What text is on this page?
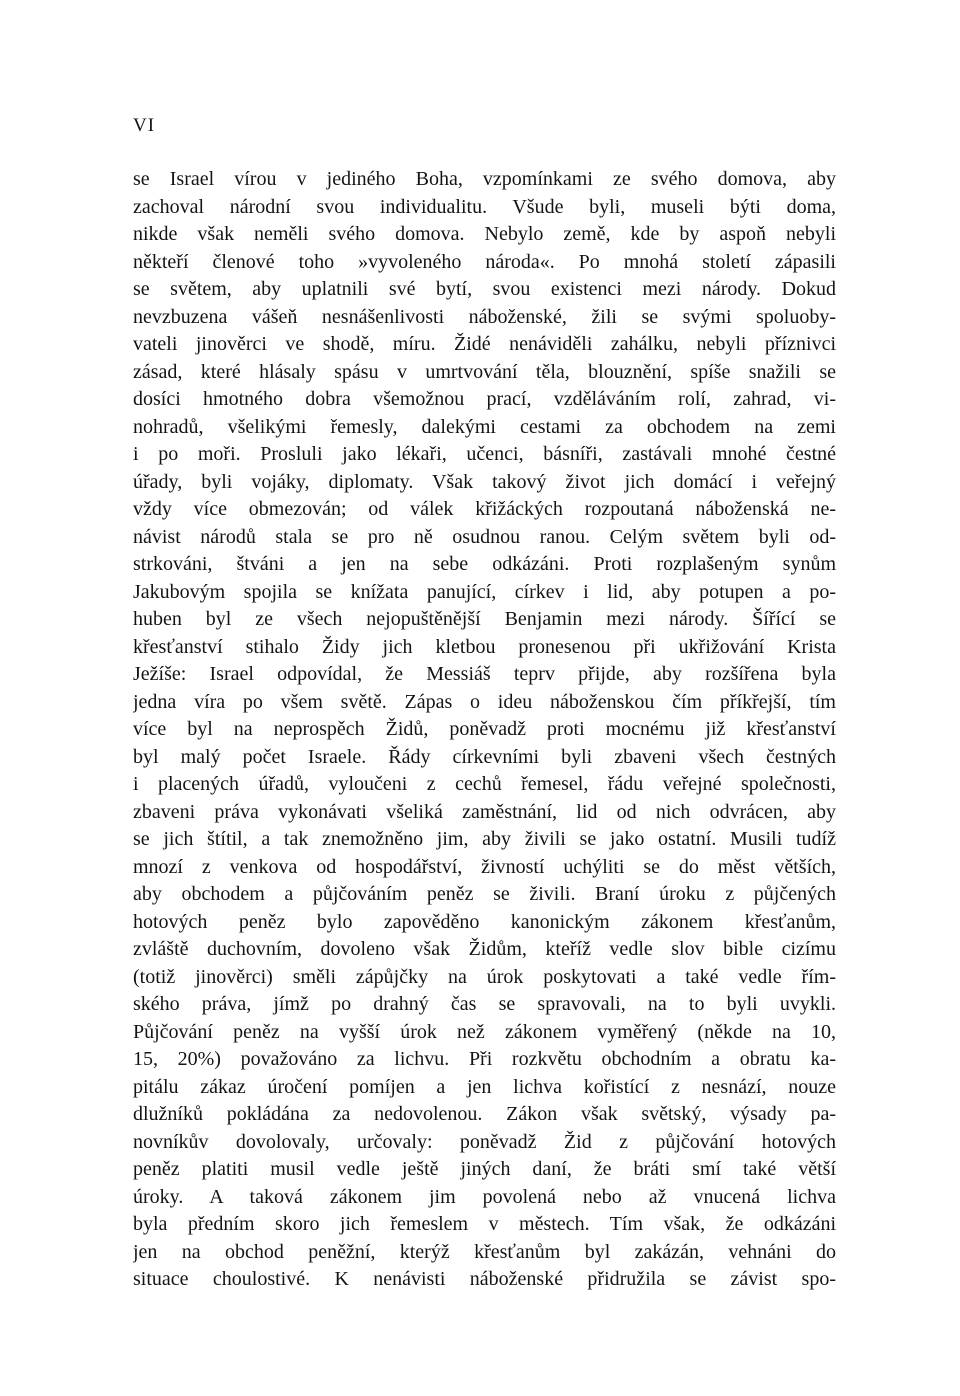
VI

se Israel vírou v jediného Boha, vzpomínkami ze svého domova, aby
zachoval národní svou individualitu. Všude byli, museli býti doma,
nikde však neměli svého domova. Nebylo země, kde by aspoň nebyli
někteří členové toho »vyvoleného národa«. Po mnohá století zápasili
se světem, aby uplatnili své bytí, svou existenci mezi národy. Dokud
nevzbuzena vášeň nesnášenlivosti náboženské, žili se svými spoluoby-
vateli jinověrci ve shodě, míru. Židé nenáviděli zahálku, nebyli příznivci
zásad, které hlásaly spásu v umrtvování těla, blouznění, spíše snažili se
dosíci hmotného dobra všemožnou prací, vzděláváním rolí, zahrad, vi-
nohradů, všelikými řemesly, dalekými cestami za obchodem na zemi
i po moři. Prosluli jako lékaři, učenci, básníři, zastávali mnohé čestné
úřady, byli vojáky, diplomaty. Však takový život jich domácí i veřejný
vždy více obmezován; od válek křižáckých rozpoutaná náboženská ne-
návist národů stala se pro ně osudnou ranou. Celým světem byli od-
strkováni, štváni a jen na sebe odkázáni. Proti rozplašeným synům
Jakubovým spojila se knížata panující, církev i lid, aby potupen a po-
huben byl ze všech nejopuštěnější Benjamin mezi národy. Šířící se
křesťanství stihalo Židy jich kletbou pronesenou při ukřižování Krista
Ježíše: Israel odpovídal, že Messiáš teprv přijde, aby rozšířena byla
jedna víra po všem světě. Zápas o ideu náboženskou čím příkřejší, tím
více byl na neprospěch Židů, poněvadž proti mocnému již křesťanství
byl malý počet Israele. Řády církevními byli zbaveni všech čestných
i placených úřadů, vyloučeni z cechů řemesel, řádu veřejné společnosti,
zbaveni práva vykonávati všeliká zaměstnání, lid od nich odvrácen, aby
se jich štítil, a tak znemožněno jim, aby živili se jako ostatní. Musili tudíž
mnozí z venkova od hospodářství, živností uchýliti se do měst větších,
aby obchodem a půjčováním peněz se živili. Braní úroku z půjčených
hotových peněz bylo zapověděno kanonickým zákonem křesťanům,
zvláště duchovním, dovoleno však Židům, kteříž vedle slov bible cizímu
(totiž jinověrci) směli zápůjčky na úrok poskytovati a také vedle řím-
ského práva, jímž po drahný čas se spravovali, na to byli uvykli.
Půjčování peněz na vyšší úrok než zákonem vyměřený (někde na 10,
15, 20%) považováno za lichvu. Při rozkvětu obchodním a obratu ka-
pitálu zákaz úročení pomíjen a jen lichva kořistící z nesnází, nouze
dlužníků pokládána za nedovolenou. Zákon však světský, výsady pa-
novníkův dovolovaly, určovaly: poněvadž Žid z půjčování hotových
peněz platiti musil vedle ještě jiných daní, že bráti smí také větší
úroky. A taková zákonem jim povolená nebo až vnucená lichva
byla předním skoro jich řemeslem v městech. Tím však, že odkázáni
jen na obchod peněžní, kterýž křesťanům byl zakázán, vehnáni do
situace choulostivé. K nenávisti náboženské přidružila se závist spo-
